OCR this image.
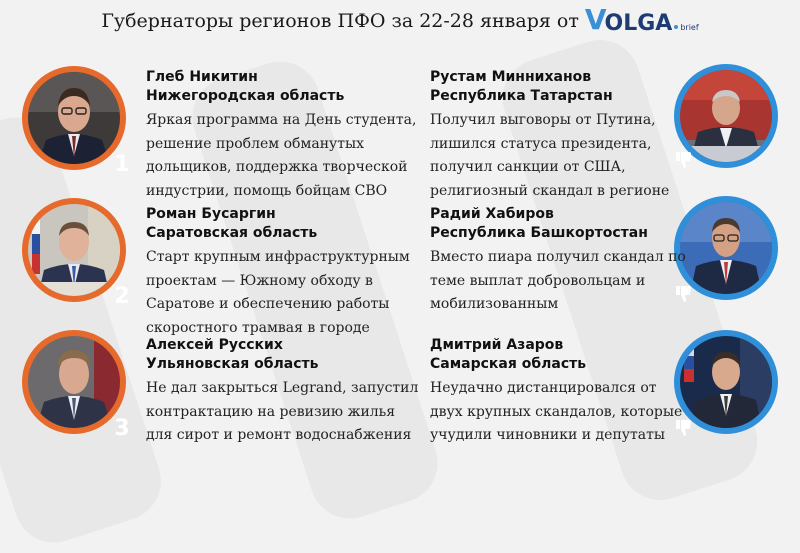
Губернаторы регионов ПФО за 22-28 января от V OLGA brief
1
2
3
Глеб Никитин
Нижегородская область
Яркая программа на День студента,
решение проблем обманутых
дольщиков, поддержка творческой
индустрии, помощь бойцам СВО
Роман Бусаргин
Саратовская область
Старт крупным инфраструктурным
проектам — Южному обходу в
Саратове и обеспечению работы
скоростного трамвая в городе
Алексей Русских
Ульяновская область
Не дал закрыться Legrand, запустил
контрактацию на ревизию жилья
для сирот и ремонт водоснабжения
Рустам Минниханов
Республика Татарстан
Получил выговоры от Путина,
лишился статуса президента,
получил санкции от США,
религиозный скандал в регионе
Радий Хабиров
Республика Башкортостан
Вместо пиара получил скандал по
теме выплат добровольцам и
мобилизованным
Дмитрий Азаров
Самарская область
Неудачно дистанцировался от
двух крупных скандалов, которые
учудили чиновники и депутаты
